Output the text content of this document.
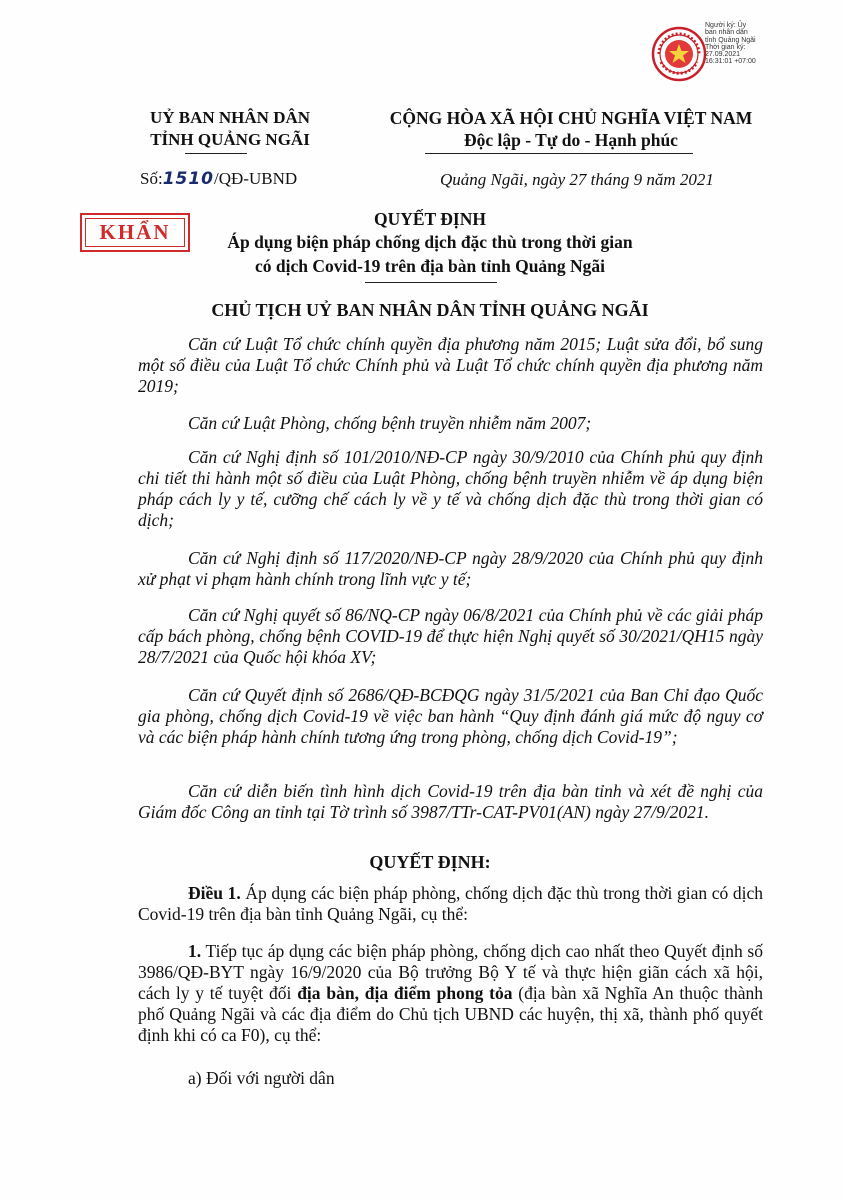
Người ký: Ủy
ban nhân dân
tỉnh Quảng Ngãi
Thời gian ký:
27.09.2021
16:31:01 +07:00
UỶ BAN NHÂN DÂN
TỈNH QUẢNG NGÃI
CỘNG HÒA XÃ HỘI CHỦ NGHĨA VIỆT NAM
Độc lập - Tự do - Hạnh phúc
Số:1510/QĐ-UBND	Quảng Ngãi, ngày 27 tháng 9 năm 2021
KHẨN
QUYẾT ĐỊNH
Áp dụng biện pháp chống dịch đặc thù trong thời gian
có dịch Covid-19 trên địa bàn tỉnh Quảng Ngãi
CHỦ TỊCH UỶ BAN NHÂN DÂN TỈNH QUẢNG NGÃI
Căn cứ Luật Tổ chức chính quyền địa phương năm 2015; Luật sửa đổi, bổ sung một số điều của Luật Tổ chức Chính phủ và Luật Tổ chức chính quyền địa phương năm 2019;
Căn cứ Luật Phòng, chống bệnh truyền nhiễm năm 2007;
Căn cứ Nghị định số 101/2010/NĐ-CP ngày 30/9/2010 của Chính phủ quy định chi tiết thi hành một số điều của Luật Phòng, chống bệnh truyền nhiễm về áp dụng biện pháp cách ly y tế, cưỡng chế cách ly về y tế và chống dịch đặc thù trong thời gian có dịch;
Căn cứ Nghị định số 117/2020/NĐ-CP ngày 28/9/2020 của Chính phủ quy định xử phạt vi phạm hành chính trong lĩnh vực y tế;
Căn cứ Nghị quyết số 86/NQ-CP ngày 06/8/2021 của Chính phủ về các giải pháp cấp bách phòng, chống bệnh COVID-19 để thực hiện Nghị quyết số 30/2021/QH15 ngày 28/7/2021 của Quốc hội khóa XV;
Căn cứ Quyết định số 2686/QĐ-BCĐQG ngày 31/5/2021 của Ban Chỉ đạo Quốc gia phòng, chống dịch Covid-19 về việc ban hành “Quy định đánh giá mức độ nguy cơ và các biện pháp hành chính tương ứng trong phòng, chống dịch Covid-19”;
Căn cứ diễn biến tình hình dịch Covid-19 trên địa bàn tỉnh và xét đề nghị của Giám đốc Công an tỉnh tại Tờ trình số 3987/TTr-CAT-PV01(AN) ngày 27/9/2021.
QUYẾT ĐỊNH:
Điều 1. Áp dụng các biện pháp phòng, chống dịch đặc thù trong thời gian có dịch Covid-19 trên địa bàn tỉnh Quảng Ngãi, cụ thể:
1. Tiếp tục áp dụng các biện pháp phòng, chống dịch cao nhất theo Quyết định số 3986/QĐ-BYT ngày 16/9/2020 của Bộ trưởng Bộ Y tế và thực hiện giãn cách xã hội, cách ly y tế tuyệt đối địa bàn, địa điểm phong tỏa (địa bàn xã Nghĩa An thuộc thành phố Quảng Ngãi và các địa điểm do Chủ tịch UBND các huyện, thị xã, thành phố quyết định khi có ca F0), cụ thể:
a) Đối với người dân
